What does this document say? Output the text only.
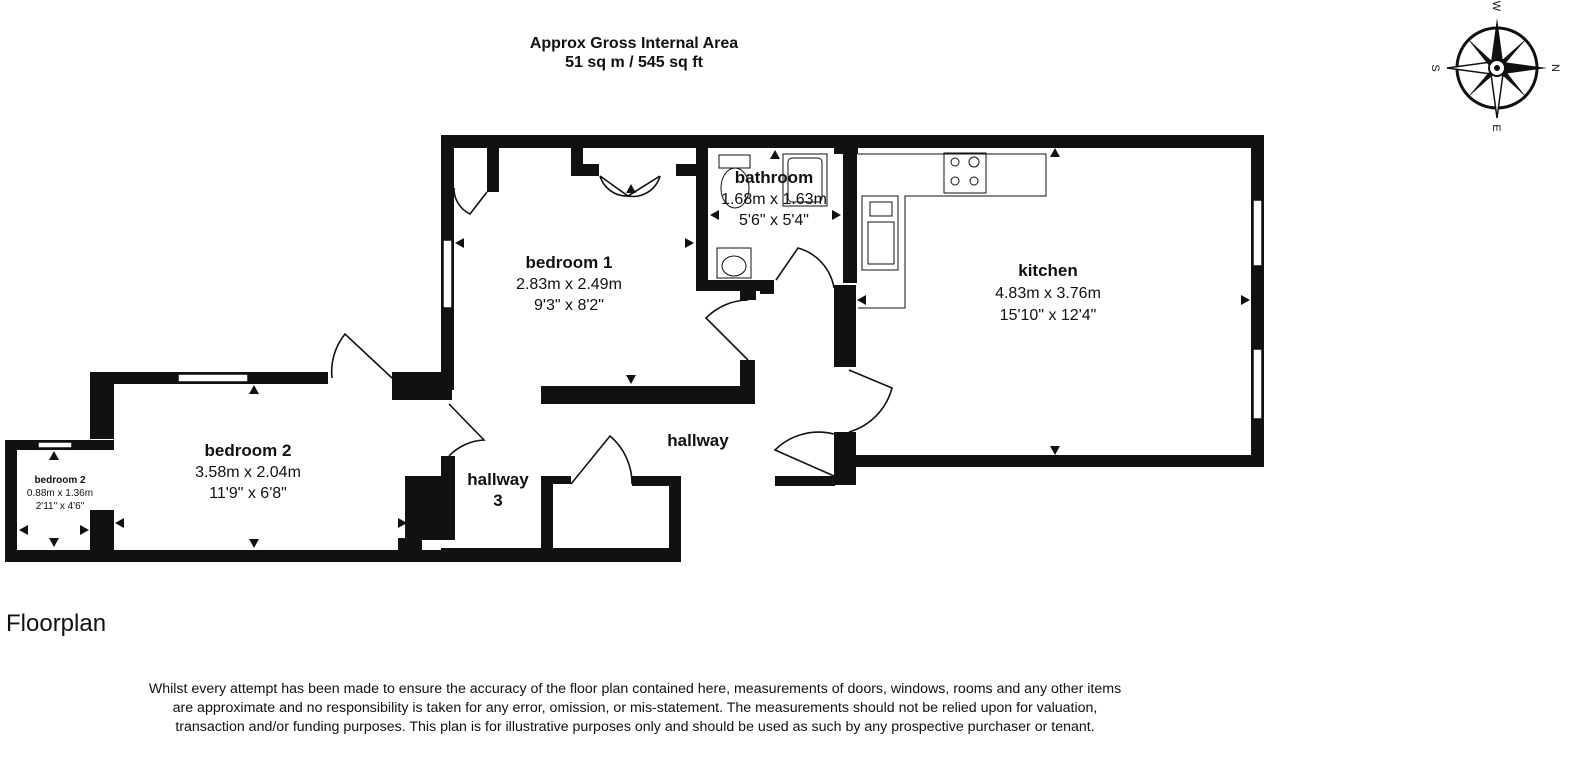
N
S
W
E
bedroom 1
2.83m x 2.49m
9'3" x 8'2"
bathroom
1.68m x 1.63m
5'6" x 5'4"
kitchen
4.83m x 3.76m
15'10" x 12'4"
bedroom 2
3.58m x 2.04m
11'9" x 6'8"
bedroom 2
0.88m x 1.36m
2'11" x 4'6"
hallway
hallway
3
Approx Gross Internal Area
51 sq m / 545 sq ft
Floorplan
Whilst every attempt has been made to ensure the accuracy of the floor plan contained here, measurements of doors, windows, rooms and any other items are approximate and no responsibility is taken for any error, omission, or mis-statement. The measurements should not be relied upon for valuation, transaction and/or funding purposes. This plan is for illustrative purposes only and should be used as such by any prospective purchaser or tenant.
